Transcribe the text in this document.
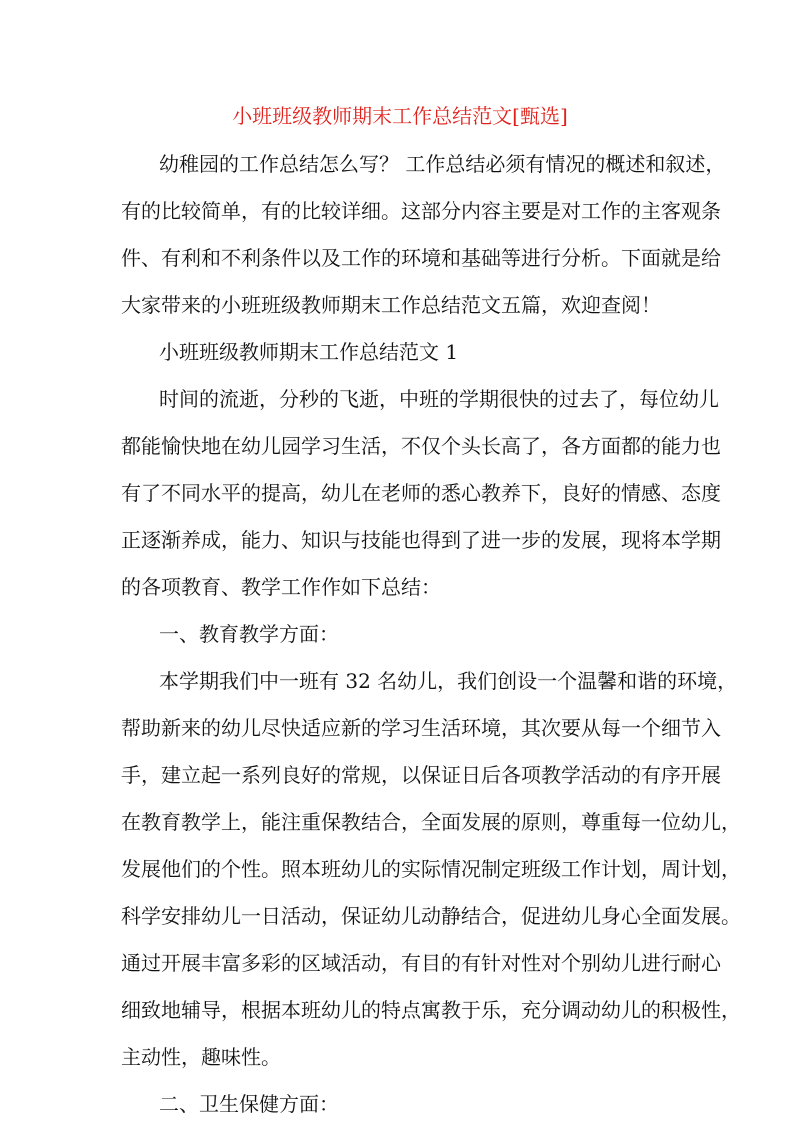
小班班级教师期末工作总结范文[甄选]
幼稚园的工作总结怎么写？ 工作总结必须有情况的概述和叙述，
有的比较简单，有的比较详细。这部分内容主要是对工作的主客观条
件、有利和不利条件以及工作的环境和基础等进行分析。下面就是给
大家带来的小班班级教师期末工作总结范文五篇，欢迎查阅！
小班班级教师期末工作总结范文 1
时间的流逝，分秒的飞逝，中班的学期很快的过去了，每位幼儿
都能愉快地在幼儿园学习生活，不仅个头长高了，各方面都的能力也
有了不同水平的提高，幼儿在老师的悉心教养下，良好的情感、态度
正逐渐养成，能力、知识与技能也得到了进一步的发展，现将本学期
的各项教育、教学工作作如下总结：
一、教育教学方面：
本学期我们中一班有 32 名幼儿，我们创设一个温馨和谐的环境，
帮助新来的幼儿尽快适应新的学习生活环境，其次要从每一个细节入
手，建立起一系列良好的常规，以保证日后各项教学活动的有序开展
在教育教学上，能注重保教结合，全面发展的原则，尊重每一位幼儿，
发展他们的个性。照本班幼儿的实际情况制定班级工作计划，周计划，
科学安排幼儿一日活动，保证幼儿动静结合，促进幼儿身心全面发展。
通过开展丰富多彩的区域活动，有目的有针对性对个别幼儿进行耐心
细致地辅导，根据本班幼儿的特点寓教于乐，充分调动幼儿的积极性，
主动性，趣味性。
二、卫生保健方面：
